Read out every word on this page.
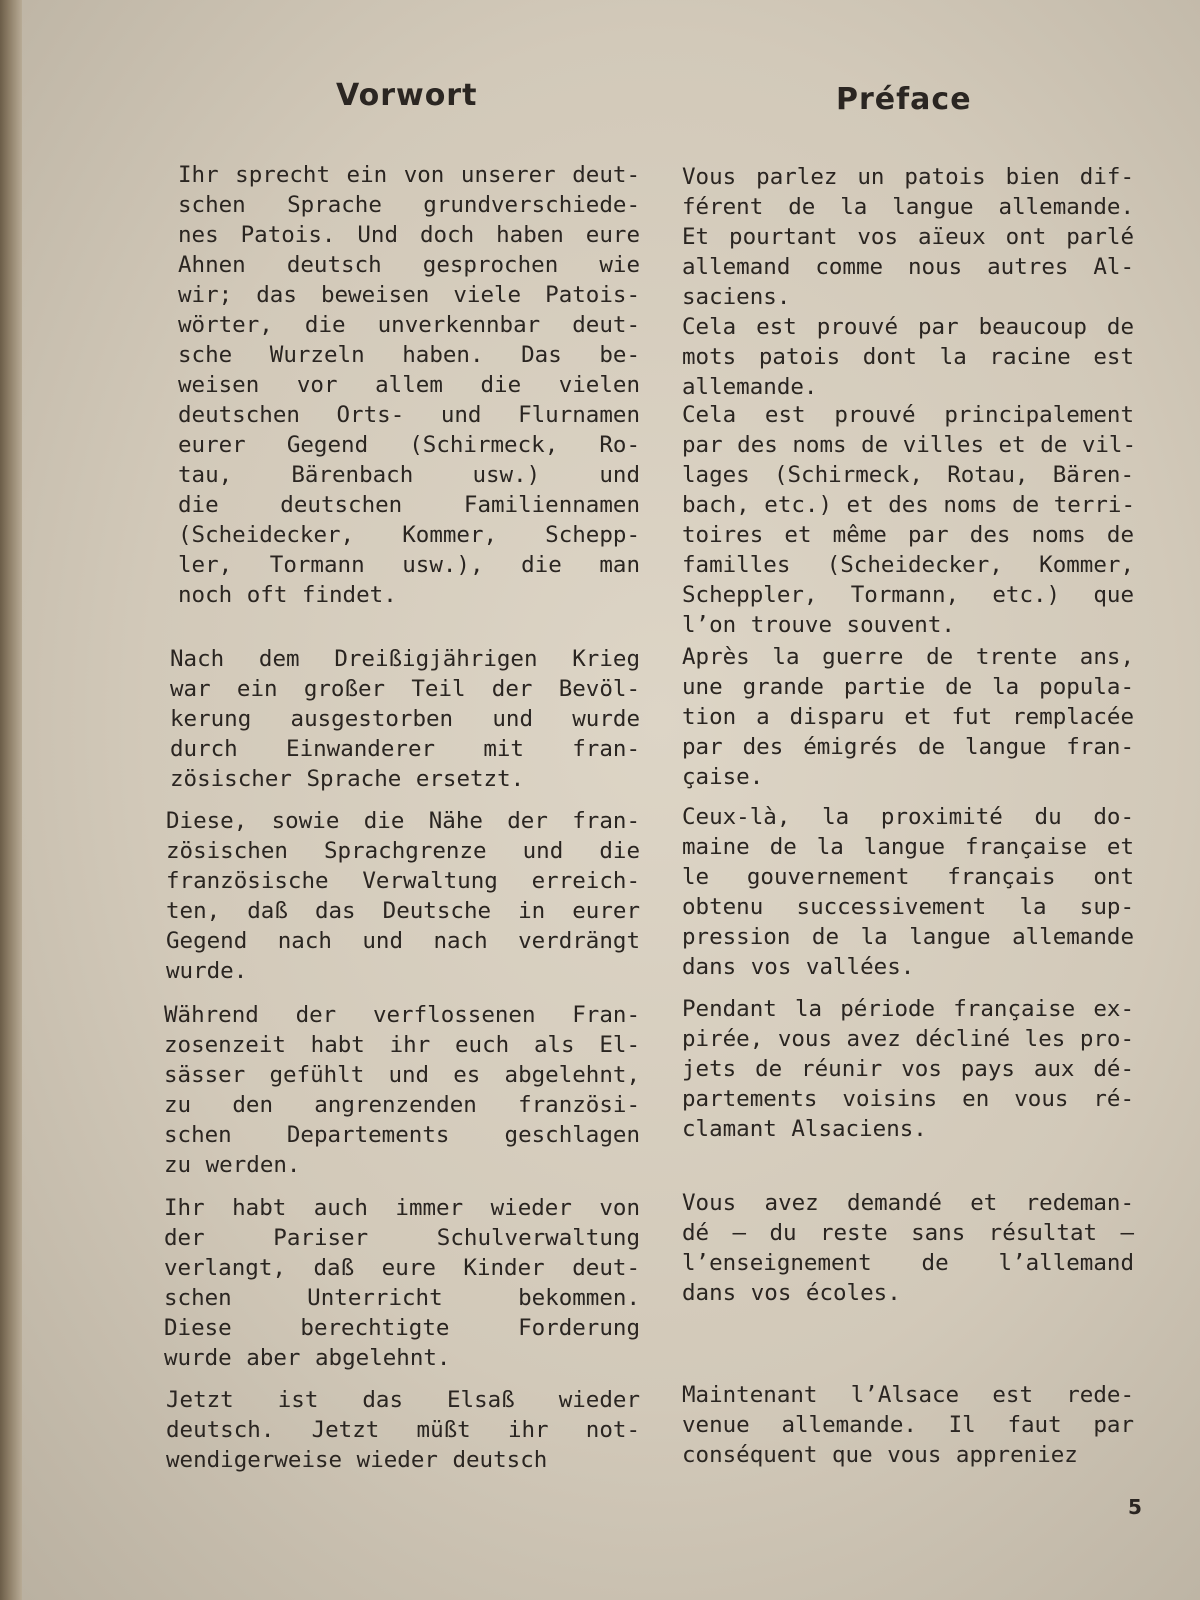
Vorwort	Préface
Ihr sprecht ein von unserer deut-
schen Sprache grundverschiede-
nes Patois. Und doch haben eure
Ahnen deutsch gesprochen wie
wir; das beweisen viele Patois-
wörter, die unverkennbar deut-
sche Wurzeln haben. Das be-
weisen vor allem die vielen
deutschen Orts- und Flurnamen
eurer Gegend (Schirmeck, Ro-
tau, Bärenbach usw.) und
die deutschen Familiennamen
(Scheidecker, Kommer, Schepp-
ler, Tormann usw.), die man
noch oft findet.
Nach dem Dreißigjährigen Krieg
war ein großer Teil der Bevöl-
kerung ausgestorben und wurde
durch Einwanderer mit fran-
zösischer Sprache ersetzt.
Diese, sowie die Nähe der fran-
zösischen Sprachgrenze und die
französische Verwaltung erreich-
ten, daß das Deutsche in eurer
Gegend nach und nach verdrängt
wurde.
Während der verflossenen Fran-
zosenzeit habt ihr euch als El-
sässer gefühlt und es abgelehnt,
zu den angrenzenden französi-
schen Departements geschlagen
zu werden.
Ihr habt auch immer wieder von
der Pariser Schulverwaltung
verlangt, daß eure Kinder deut-
schen Unterricht bekommen.
Diese berechtigte Forderung
wurde aber abgelehnt.
Jetzt ist das Elsaß wieder
deutsch. Jetzt müßt ihr not-
wendigerweise wieder deutsch
Vous parlez un patois bien dif-
férent de la langue allemande.
Et pourtant vos aïeux ont parlé
allemand comme nous autres Al-
saciens.
Cela est prouvé par beaucoup de
mots patois dont la racine est
allemande.
Cela est prouvé principalement
par des noms de villes et de vil-
lages (Schirmeck, Rotau, Bären-
bach, etc.) et des noms de terri-
toires et même par des noms de
familles (Scheidecker, Kommer,
Scheppler, Tormann, etc.) que
l’on trouve souvent.
Après la guerre de trente ans,
une grande partie de la popula-
tion a disparu et fut remplacée
par des émigrés de langue fran-
çaise.
Ceux-là, la proximité du do-
maine de la langue française et
le gouvernement français ont
obtenu successivement la sup-
pression de la langue allemande
dans vos vallées.
Pendant la période française ex-
pirée, vous avez décliné les pro-
jets de réunir vos pays aux dé-
partements voisins en vous ré-
clamant Alsaciens.
Vous avez demandé et redeman-
dé — du reste sans résultat —
l’enseignement de l’allemand
dans vos écoles.
Maintenant l’Alsace est rede-
venue allemande. Il faut par
conséquent que vous appreniez
5
